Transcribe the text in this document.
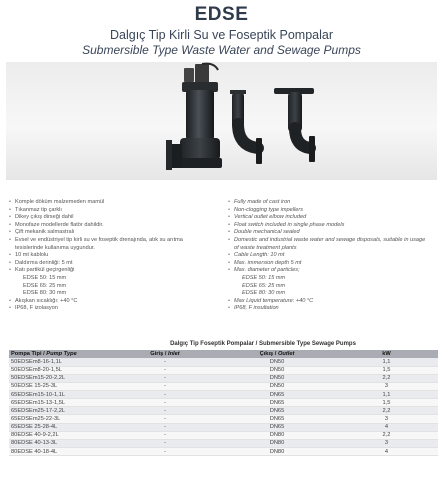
EDSE
Dalgıç Tip Kirli Su ve Foseptik Pompalar
Submersible Type Waste Water and Sewage Pumps
• Komple döküm malzemeden mamül
• Tıkanmaz tip çarklı
• Dikey çıkış dirseği dahil
• Monofaze modellerde flatör dahildir.
• Çift mekanik salmastralı
• Evsel ve endüstriyel tip kirli su ve foseptik drenajında, atık su arıtma
tesislerinde kullanıma uygundur.
• 10 mt kablolu
• Daldırma derinliği: 5 mt
• Katı partikül geçirgenliği
EDSE 50: 15 mm
EDSE 65: 25 mm
EDSE 80: 30 mm
• Akışkan sıcaklığı: +40 °C
• IP68, F izolasyon
• Fully made of cast iron
• Non-clogging type impellers
• Vertical outlet elbow included
• Float switch included in single phase models
• Double mechanical sealed
• Domestic and industrial waste water and sewage disposals, suitable in usage
of waste treatment plants
• Cable Length: 10 mt
• Max. immersion depth 5 mt
• Max. diameter of particles;
EDSE 50: 15 mm
EDSE 65: 25 mm
EDSE 80: 30 mm
• Max Liquid temperature: +40 °C
• IP68, F insultation
Dalgıç Tip Foseptik Pompalar / Submersible Type Sewage Pumps
Pompa Tipi / Pump Type	Giriş / Inlet	Çıkış / Outlet	kW
50EDSEm8-16-1,1L	-	DN50	1,1
50EDSEm8-20-1,5L	-	DN50	1,5
50EDSEm15-20-2,2L	-	DN50	2,2
50EDSE 15-25-3L	-	DN50	3
65EDSEm15-10-1,1L	-	DN65	1,1
65EDSEm15-13-1,5L	-	DN65	1,5
65EDSEm25-17-2,2L	-	DN65	2,2
65EDSEm25-22-3L	-	DN65	3
65EDSE 25-28-4L	-	DN65	4
80EDSE 40-9-2,2L	-	DN80	2,2
80EDSE 40-13-3L	-	DN80	3
80EDSE 40-18-4L	-	DN80	4
